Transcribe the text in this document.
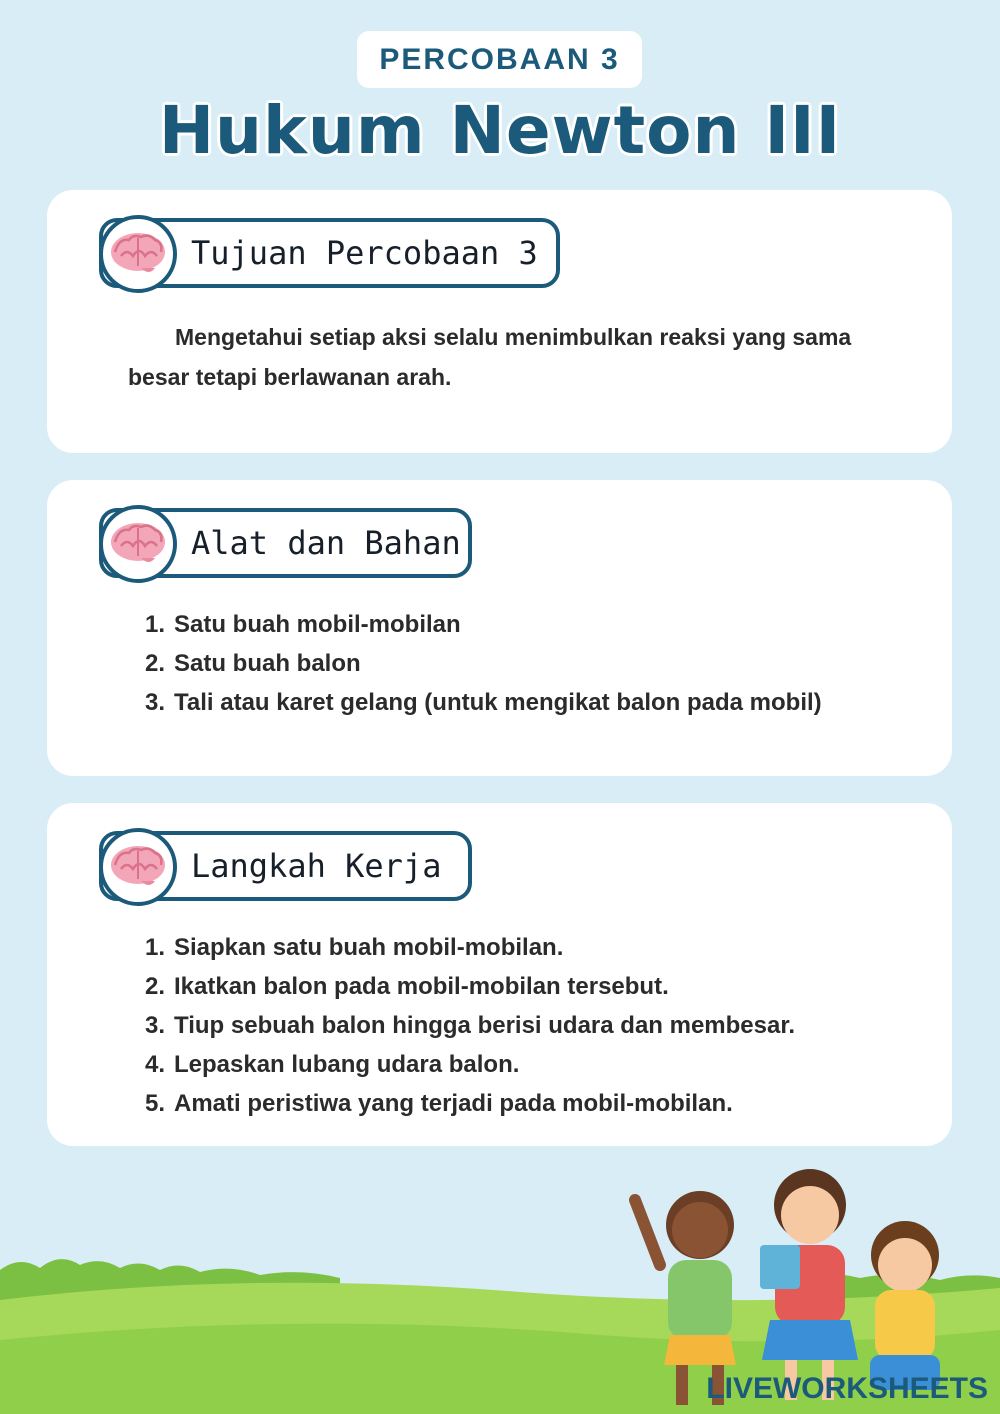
PERCOBAAN 3
Hukum Newton III
Tujuan Percobaan 3
Mengetahui setiap aksi selalu menimbulkan reaksi yang sama besar tetapi berlawanan arah.
Alat dan Bahan
1. Satu buah mobil-mobilan
2. Satu buah balon
3. Tali atau karet gelang (untuk mengikat balon pada mobil)
Langkah Kerja
1. Siapkan satu buah mobil-mobilan.
2. Ikatkan balon pada mobil-mobilan tersebut.
3. Tiup sebuah balon hingga berisi udara dan membesar.
4. Lepaskan lubang udara balon.
5. Amati peristiwa yang terjadi pada mobil-mobilan.
LIVEWORKSHEETS
